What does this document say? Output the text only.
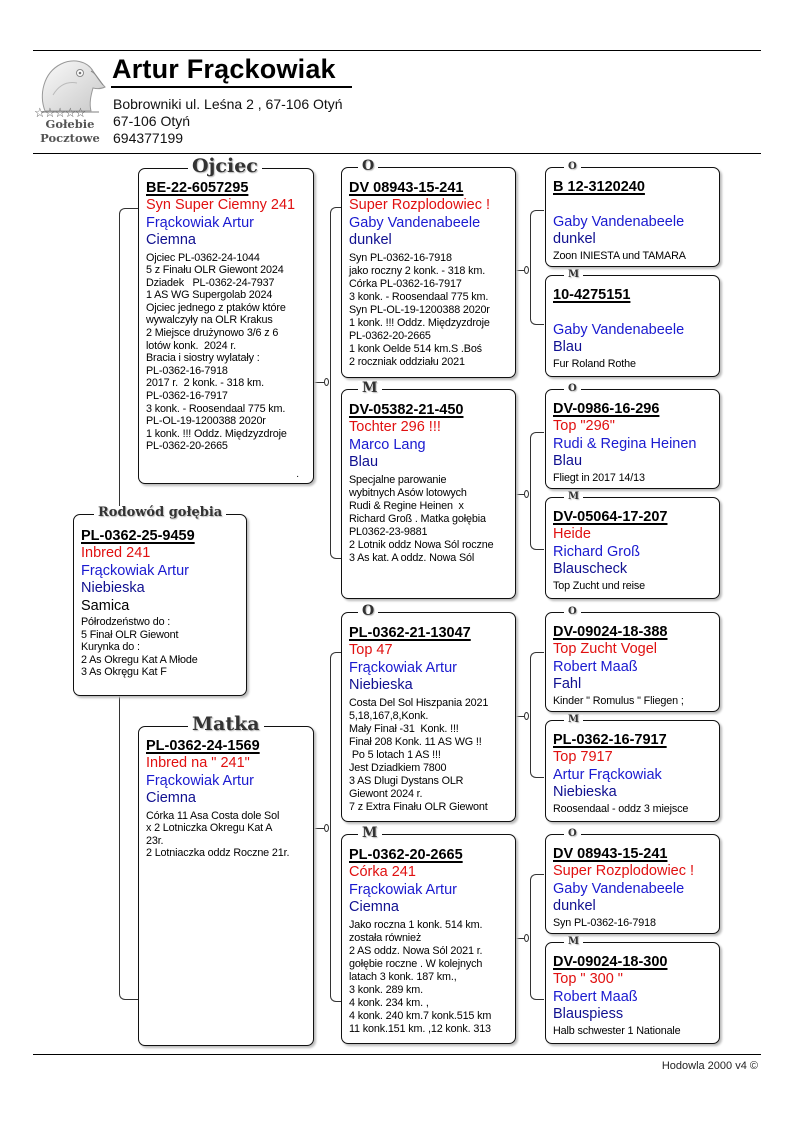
☆☆☆☆☆
Gołebie
Pocztowe
Artur Frąckowiak
Bobrowniki ul. Leśna 2 , 67-106 Otyń
67-106 Otyń
694377199
PL-0362-25-9459
Inbred 241
Frąckowiak Artur
Niebieska
Samica
Półrodzeństwo do :
5 Finał OLR Giewont
Kurynka do :
2 As Okregu Kat A Młode
3 As Okręgu Kat F
Rodowód gołębia
BE-22-6057295
Syn Super Ciemny 241
Frąckowiak Artur
Ciemna
Ojciec PL-0362-24-1044
5 z Finału OLR Giewont 2024
Dziadek   PL-0362-24-7937
1 AS WG Supergolab 2024
Ojciec jednego z ptaków które
wywalczyły na OLR Krakus
2 Miejsce drużynowo 3/6 z 6
lotów konk.  2024 r.
Bracia i siostry wylatały :
PL-0362-16-7918
2017 r.  2 konk. - 318 km.
PL-0362-16-7917
3 konk. - Roosendaal 775 km.
PL-OL-19-1200388 2020r
1 konk. !!! Oddz. Międzyzdroje
PL-0362-20-2665
.
Ojciec
PL-0362-24-1569
Inbred na " 241"
Frąckowiak Artur
Ciemna
Córka 11 Asa Costa dole Sol
x 2 Lotniczka Okregu Kat A
23r.
2 Lotniaczka oddz Roczne 21r.
Matka
DV 08943-15-241
Super Rozplodowiec !
Gaby Vandenabeele
dunkel
Syn PL-0362-16-7918
jako roczny 2 konk. - 318 km.
Córka PL-0362-16-7917
3 konk. - Roosendaal 775 km.
Syn PL-OL-19-1200388 2020r
1 konk. !!! Oddz. Międzyzdroje
PL-0362-20-2665
1 konk Oelde 514 km.S .Boś
2 roczniak oddziału 2021
O
DV-05382-21-450
Tochter 296 !!!
Marco Lang
Blau
Specjalne parowanie
wybitnych Asów lotowych
Rudi & Regine Heinen  x
Richard Groß . Matka gołębia
PL0362-23-9881
2 Lotnik oddz Nowa Sól roczne
3 As kat. A oddz. Nowa Sól
M
PL-0362-21-13047
Top 47
Frąckowiak Artur
Niebieska
Costa Del Sol Hiszpania 2021
5,18,167,8,Konk.
Mały Finał -31  Konk. !!!
Finał 208 Konk. 11 AS WG !!
Po 5 lotach 1 AS !!!
Jest Dziadkiem 7800
3 AS Dlugi Dystans OLR
Giewont 2024 r.
7 z Extra Finału OLR Giewont
O
PL-0362-20-2665
Córka 241
Frąckowiak Artur
Ciemna
Jako roczna 1 konk. 514 km.
została również
2 AS oddz. Nowa Sól 2021 r.
gołębie roczne . W kolejnych
latach 3 konk. 187 km.,
3 konk. 289 km.
4 konk. 234 km. ,
4 konk. 240 km.7 konk.515 km
11 konk.151 km. ,12 konk. 313
M
B 12-3120240
Gaby Vandenabeele
dunkel
Zoon INIESTA und TAMARA
O
10-4275151
Gaby Vandenabeele
Blau
Fur Roland Rothe
M
DV-0986-16-296
Top "296"
Rudi & Regina Heinen
Blau
Fliegt in 2017 14/13
O
DV-05064-17-207
Heide
Richard Groß
Blauscheck
Top Zucht und reise
M
DV-09024-18-388
Top Zucht Vogel
Robert Maaß
Fahl
Kinder " Romulus " Fliegen ;
O
PL-0362-16-7917
Top 7917
Artur Frąckowiak
Niebieska
Roosendaal - oddz 3 miejsce
M
DV 08943-15-241
Super Rozplodowiec !
Gaby Vandenabeele
dunkel
Syn PL-0362-16-7918
O
DV-09024-18-300
Top " 300 "
Robert Maaß
Blauspiess
Halb schwester 1 Nationale
M
Hodowla 2000 v4 ©
